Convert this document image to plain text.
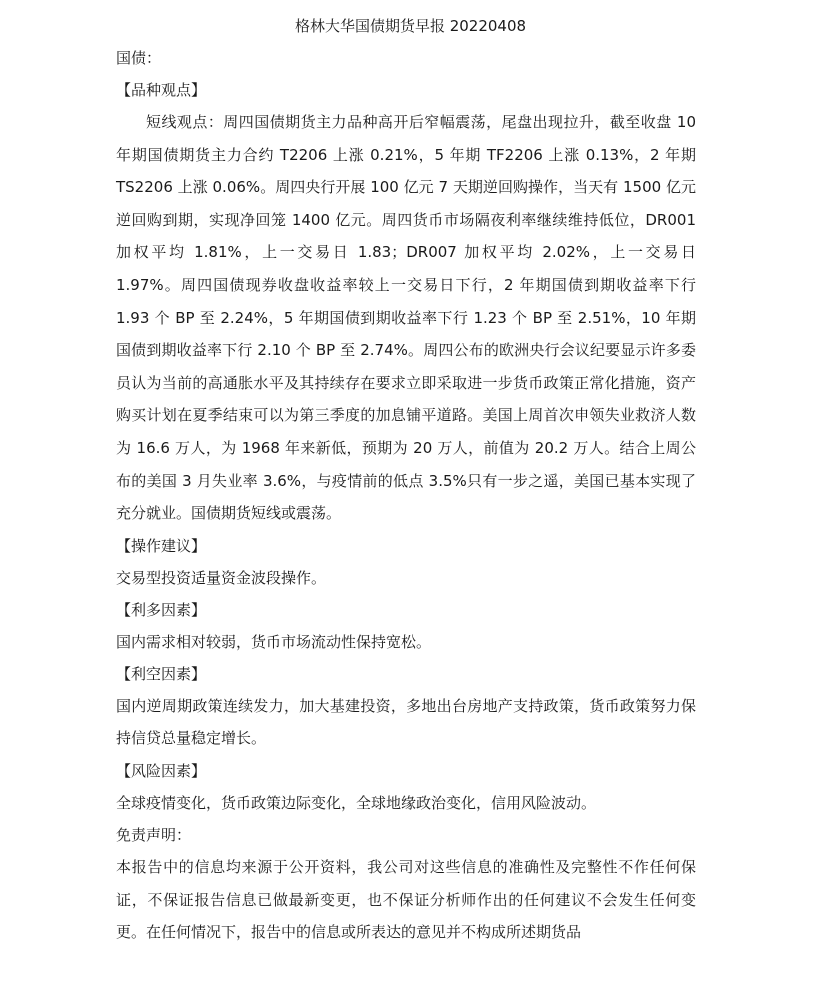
格林大华国债期货早报 20220408
国债：
【品种观点】
短线观点：周四国债期货主力品种高开后窄幅震荡，尾盘出现拉升，截至收盘 10 年期国债期货主力合约 T2206 上涨 0.21%，5 年期 TF2206 上涨 0.13%，2 年期 TS2206 上涨 0.06%。周四央行开展 100 亿元 7 天期逆回购操作，当天有 1500 亿元逆回购到期，实现净回笼 1400 亿元。周四货币市场隔夜利率继续维持低位，DR001 加权平均 1.81%，上一交易日 1.83；DR007 加权平均 2.02%，上一交易日 1.97%。周四国债现券收盘收益率较上一交易日下行，2 年期国债到期收益率下行 1.93 个 BP 至 2.24%，5 年期国债到期收益率下行 1.23 个 BP 至 2.51%，10 年期国债到期收益率下行 2.10 个 BP 至 2.74%。周四公布的欧洲央行会议纪要显示许多委员认为当前的高通胀水平及其持续存在要求立即采取进一步货币政策正常化措施，资产购买计划在夏季结束可以为第三季度的加息铺平道路。美国上周首次申领失业救济人数为 16.6 万人，为 1968 年来新低，预期为 20 万人，前值为 20.2 万人。结合上周公布的美国 3 月失业率 3.6%，与疫情前的低点 3.5%只有一步之遥，美国已基本实现了充分就业。国债期货短线或震荡。
【操作建议】
交易型投资适量资金波段操作。
【利多因素】
国内需求相对较弱，货币市场流动性保持宽松。
【利空因素】
国内逆周期政策连续发力，加大基建投资，多地出台房地产支持政策，货币政策努力保持信贷总量稳定增长。
【风险因素】
全球疫情变化，货币政策边际变化，全球地缘政治变化，信用风险波动。
免责声明：
本报告中的信息均来源于公开资料，我公司对这些信息的准确性及完整性不作任何保证，不保证报告信息已做最新变更，也不保证分析师作出的任何建议不会发生任何变更。在任何情况下，报告中的信息或所表达的意见并不构成所述期货品
